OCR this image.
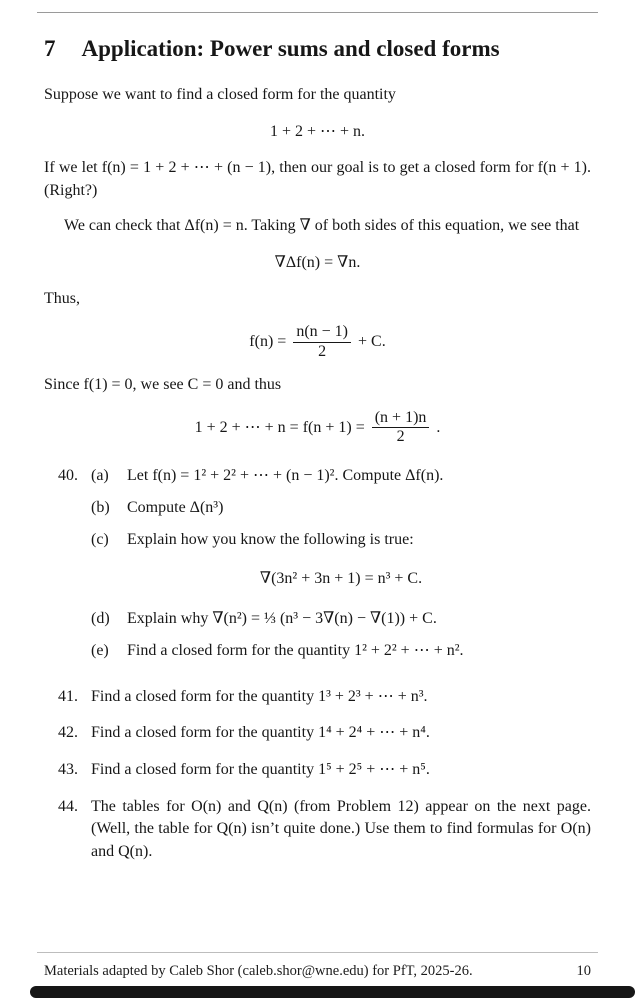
7 Application: Power sums and closed forms

Suppose we want to find a closed form for the quantity

1 + 2 + ⋯ + n.

If we let f(n) = 1 + 2 + ⋯ + (n − 1), then our goal is to get a closed form for f(n + 1). (Right?)

We can check that Δf(n) = n. Taking ∇ of both sides of this equation, we see that

∇Δf(n) = ∇n.

Thus,

$f(n) = \frac{n(n - 1)}{2} + C$.

Since f(1) = 0, we see C = 0 and thus

1 + 2 + ⋯ + $n = f(n + 1) = \frac{(n + 1)n}{2}$ .
40. (a)	Let f(n) = 1² + 2² + ⋯ + (n − 1)². Compute Δf(n).
(b)	Compute Δ(n³)
(c)	Explain how you know the following is true:
∇(3n² + 3n + 1) = n³ + C.
(d)	Explain why ∇(n²) = ⅓ (n³ − 3∇(n) − ∇(1)) + C.
(e)	Find a closed form for the quantity 1² + 2² + ⋯ + n².
41. Find a closed form for the quantity 1³ + 2³ + ⋯ + n³.
42. Find a closed form for the quantity 1⁴ + 2⁴ + ⋯ + n⁴.
43. Find a closed form for the quantity 1⁵ + 2⁵ + ⋯ + n⁵.
44. The tables for O(n) and Q(n) (from Problem 12) appear on the next page. (Well, the table for Q(n) isn’t quite done.) Use them to find formulas for O(n) and Q(n).
Materials adapted by Caleb Shor (caleb.shor@wne.edu) for PfT, 2025-26.	10
